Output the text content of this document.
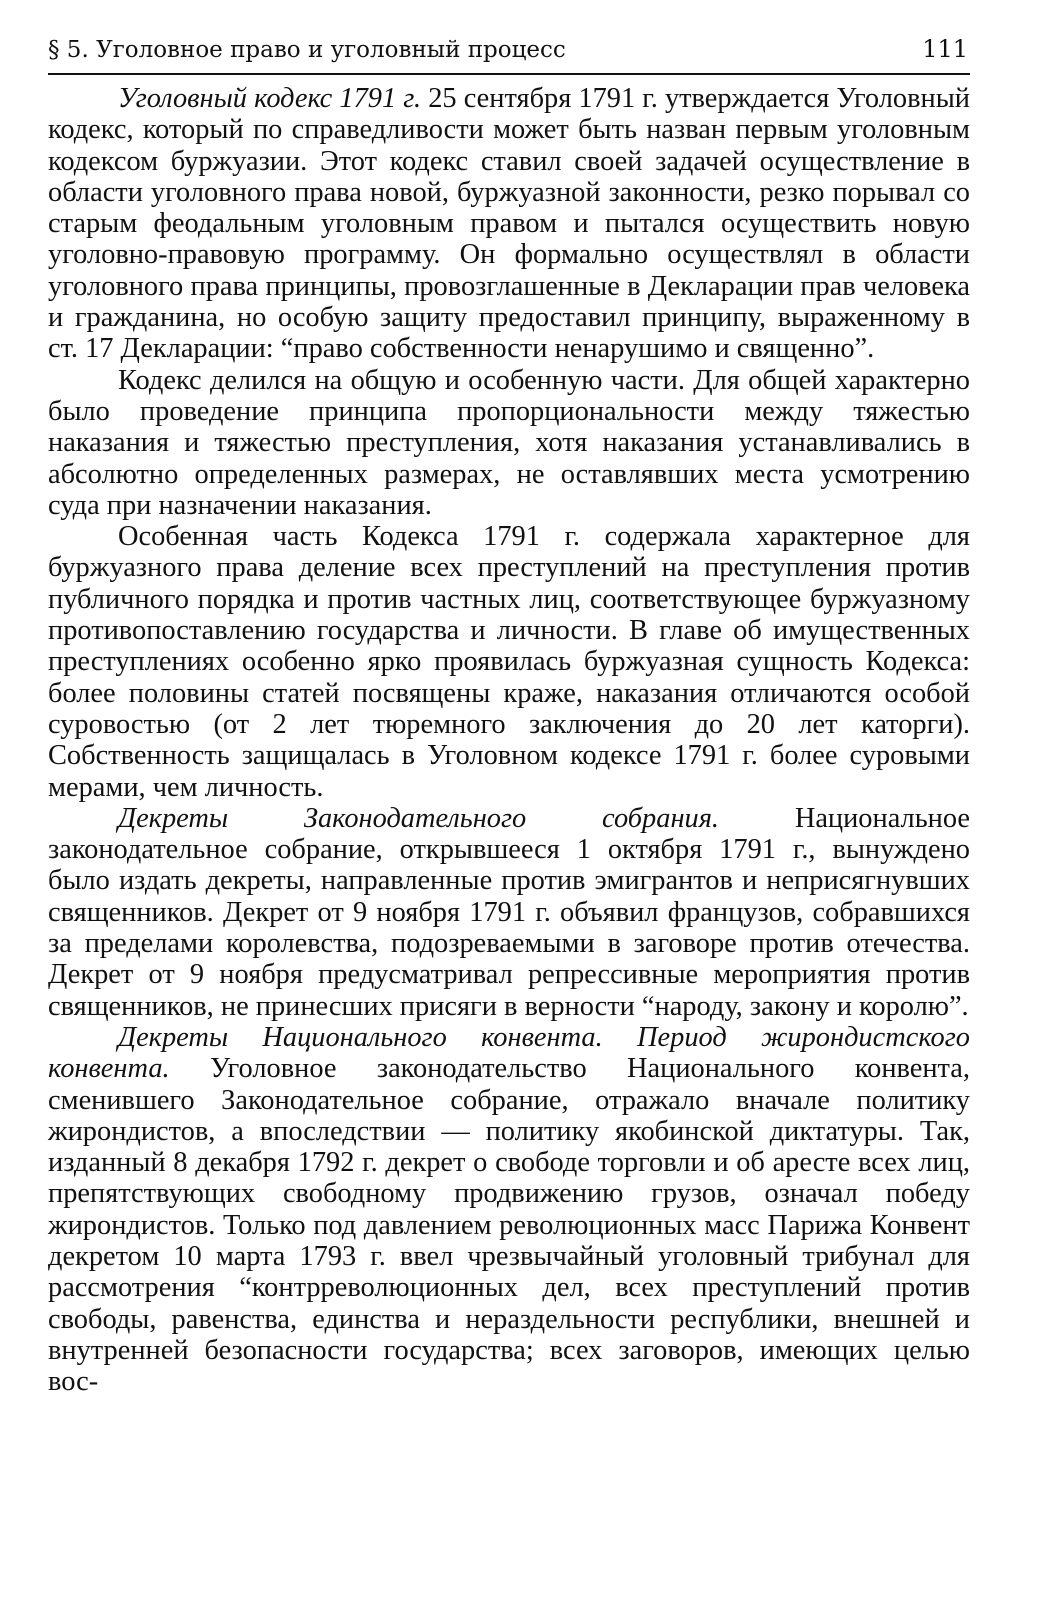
§ 5. Уголовное право и уголовный процесс	111

Уголовный кодекс 1791 г. 25 сентября 1791 г. утверждается Уголовный кодекс, который по справедливости может быть назван первым уголовным кодексом буржуазии. Этот кодекс ставил своей задачей осуществление в области уголовного права новой, буржуазной законности, резко порывал со старым феодальным уголовным правом и пытался осуществить новую уголовно-правовую программу. Он формально осуществлял в области уголовного права принципы, провозглашенные в Декларации прав человека и гражданина, но особую защиту предоставил принципу, выраженному в ст. 17 Декларации: “право собственности ненарушимо и священно”.

Кодекс делился на общую и особенную части. Для общей характерно было проведение принципа пропорциональности между тяжестью наказания и тяжестью преступления, хотя наказания устанавливались в абсолютно определенных размерах, не оставлявших места усмотрению суда при назначении наказания.

Особенная часть Кодекса 1791 г. содержала характерное для буржуазного права деление всех преступлений на преступления против публичного порядка и против частных лиц, соответствующее буржуазному противопоставлению государства и личности. В главе об имущественных преступлениях особенно ярко проявилась буржуазная сущность Кодекса: более половины статей посвящены краже, наказания отличаются особой суровостью (от 2 лет тюремного заключения до 20 лет каторги). Собственность защищалась в Уголовном кодексе 1791 г. более суровыми мерами, чем личность.

Декреты Законодательного собрания. Национальное законодательное собрание, открывшееся 1 октября 1791 г., вынуждено было издать декреты, направленные против эмигрантов и неприсягнувших священников. Декрет от 9 ноября 1791 г. объявил французов, собравшихся за пределами королевства, подозреваемыми в заговоре против отечества. Декрет от 9 ноября предусматривал репрессивные мероприятия против священников, не принесших присяги в верности “народу, закону и королю”.

Декреты Национального конвента. Период жирондистского конвента. Уголовное законодательство Национального конвента, сменившего Законодательное собрание, отражало вначале политику жирондистов, а впоследствии — политику якобинской диктатуры. Так, изданный 8 декабря 1792 г. декрет о свободе торговли и об аресте всех лиц, препятствующих свободному продвижению грузов, означал победу жирондистов. Только под давлением революционных масс Парижа Конвент декретом 10 марта 1793 г. ввел чрезвычайный уголовный трибунал для рассмотрения “контрреволюционных дел, всех преступлений против свободы, равенства, единства и нераздельности республики, внешней и внутренней безопасности государства; всех заговоров, имеющих целью вос-
